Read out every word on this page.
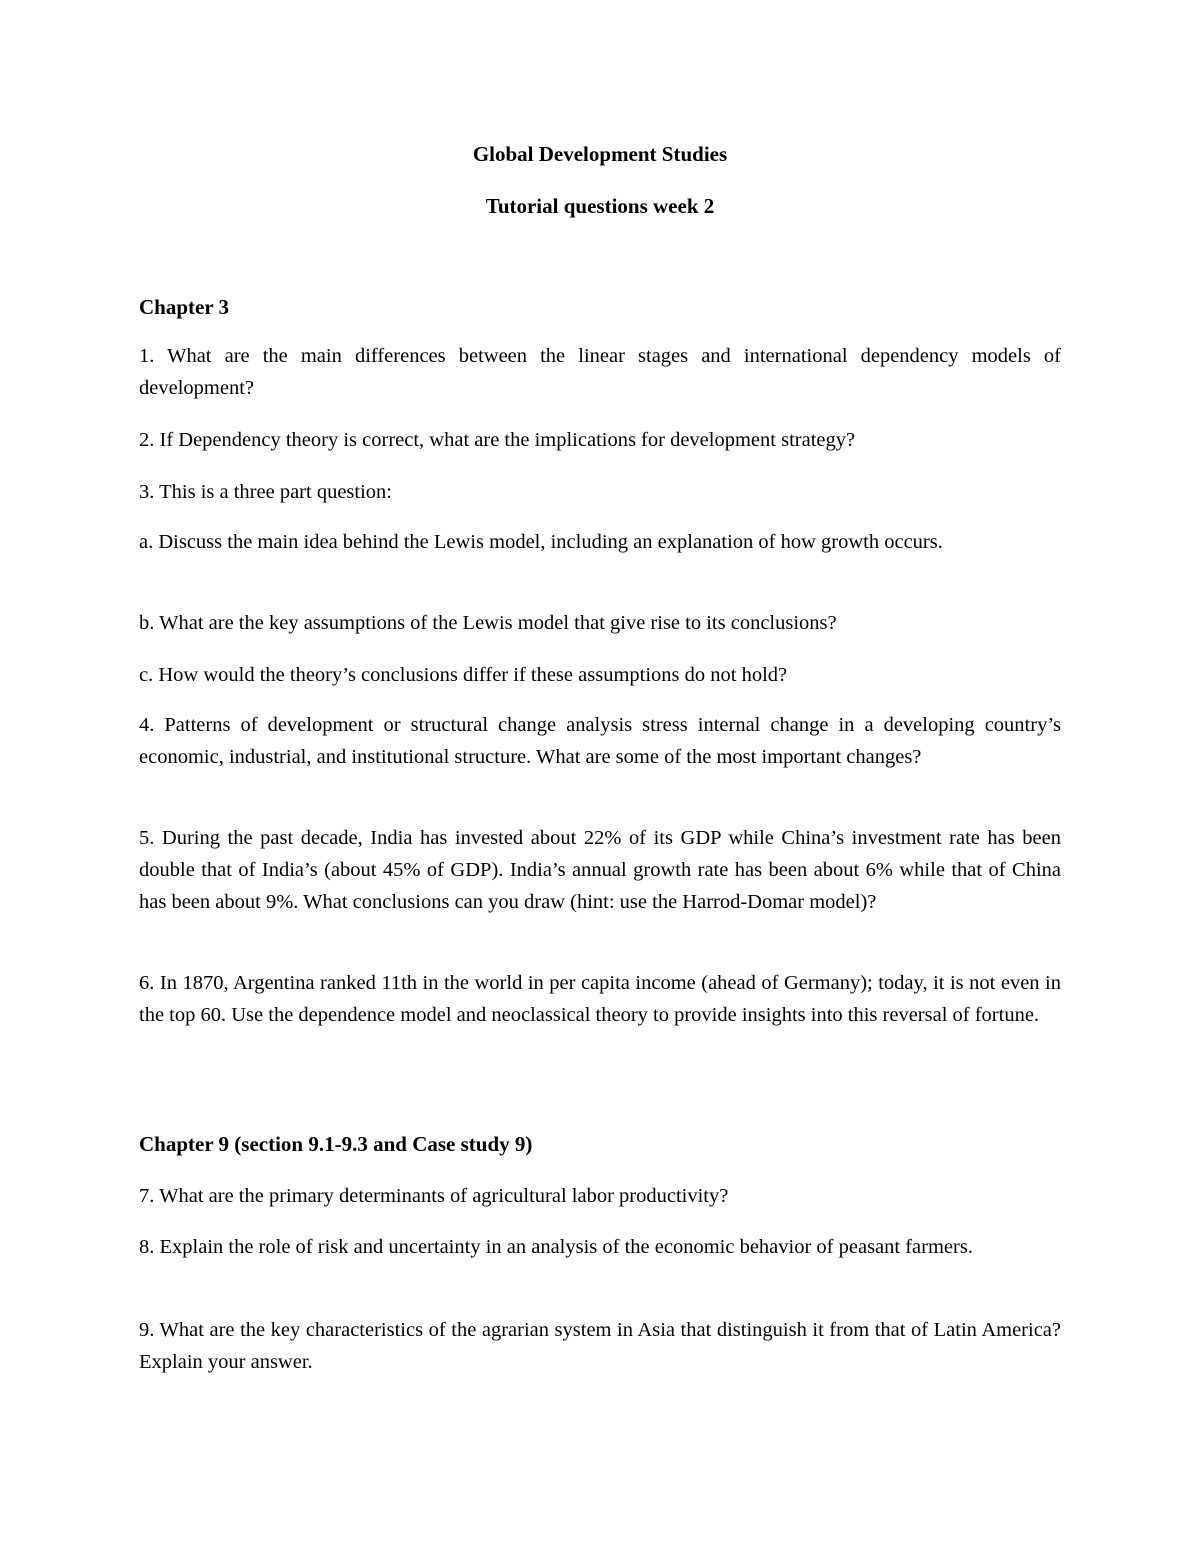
Global Development Studies
Tutorial questions week 2
Chapter 3

1. What are the main differences between the linear stages and international dependency models of development?

2. If Dependency theory is correct, what are the implications for development strategy?

3. This is a three part question:

a. Discuss the main idea behind the Lewis model, including an explanation of how growth occurs.

b. What are the key assumptions of the Lewis model that give rise to its conclusions?

c. How would the theory’s conclusions differ if these assumptions do not hold?

4. Patterns of development or structural change analysis stress internal change in a developing country’s economic, industrial, and institutional structure. What are some of the most important changes?

5. During the past decade, India has invested about 22% of its GDP while China’s investment rate has been double that of India’s (about 45% of GDP). India’s annual growth rate has been about 6% while that of China has been about 9%. What conclusions can you draw (hint: use the Harrod-Domar model)?

6. In 1870, Argentina ranked 11th in the world in per capita income (ahead of Germany); today, it is not even in the top 60. Use the dependence model and neoclassical theory to provide insights into this reversal of fortune.

Chapter 9 (section 9.1-9.3 and Case study 9)

7. What are the primary determinants of agricultural labor productivity?

8. Explain the role of risk and uncertainty in an analysis of the economic behavior of peasant farmers.

9. What are the key characteristics of the agrarian system in Asia that distinguish it from that of Latin America? Explain your answer.
